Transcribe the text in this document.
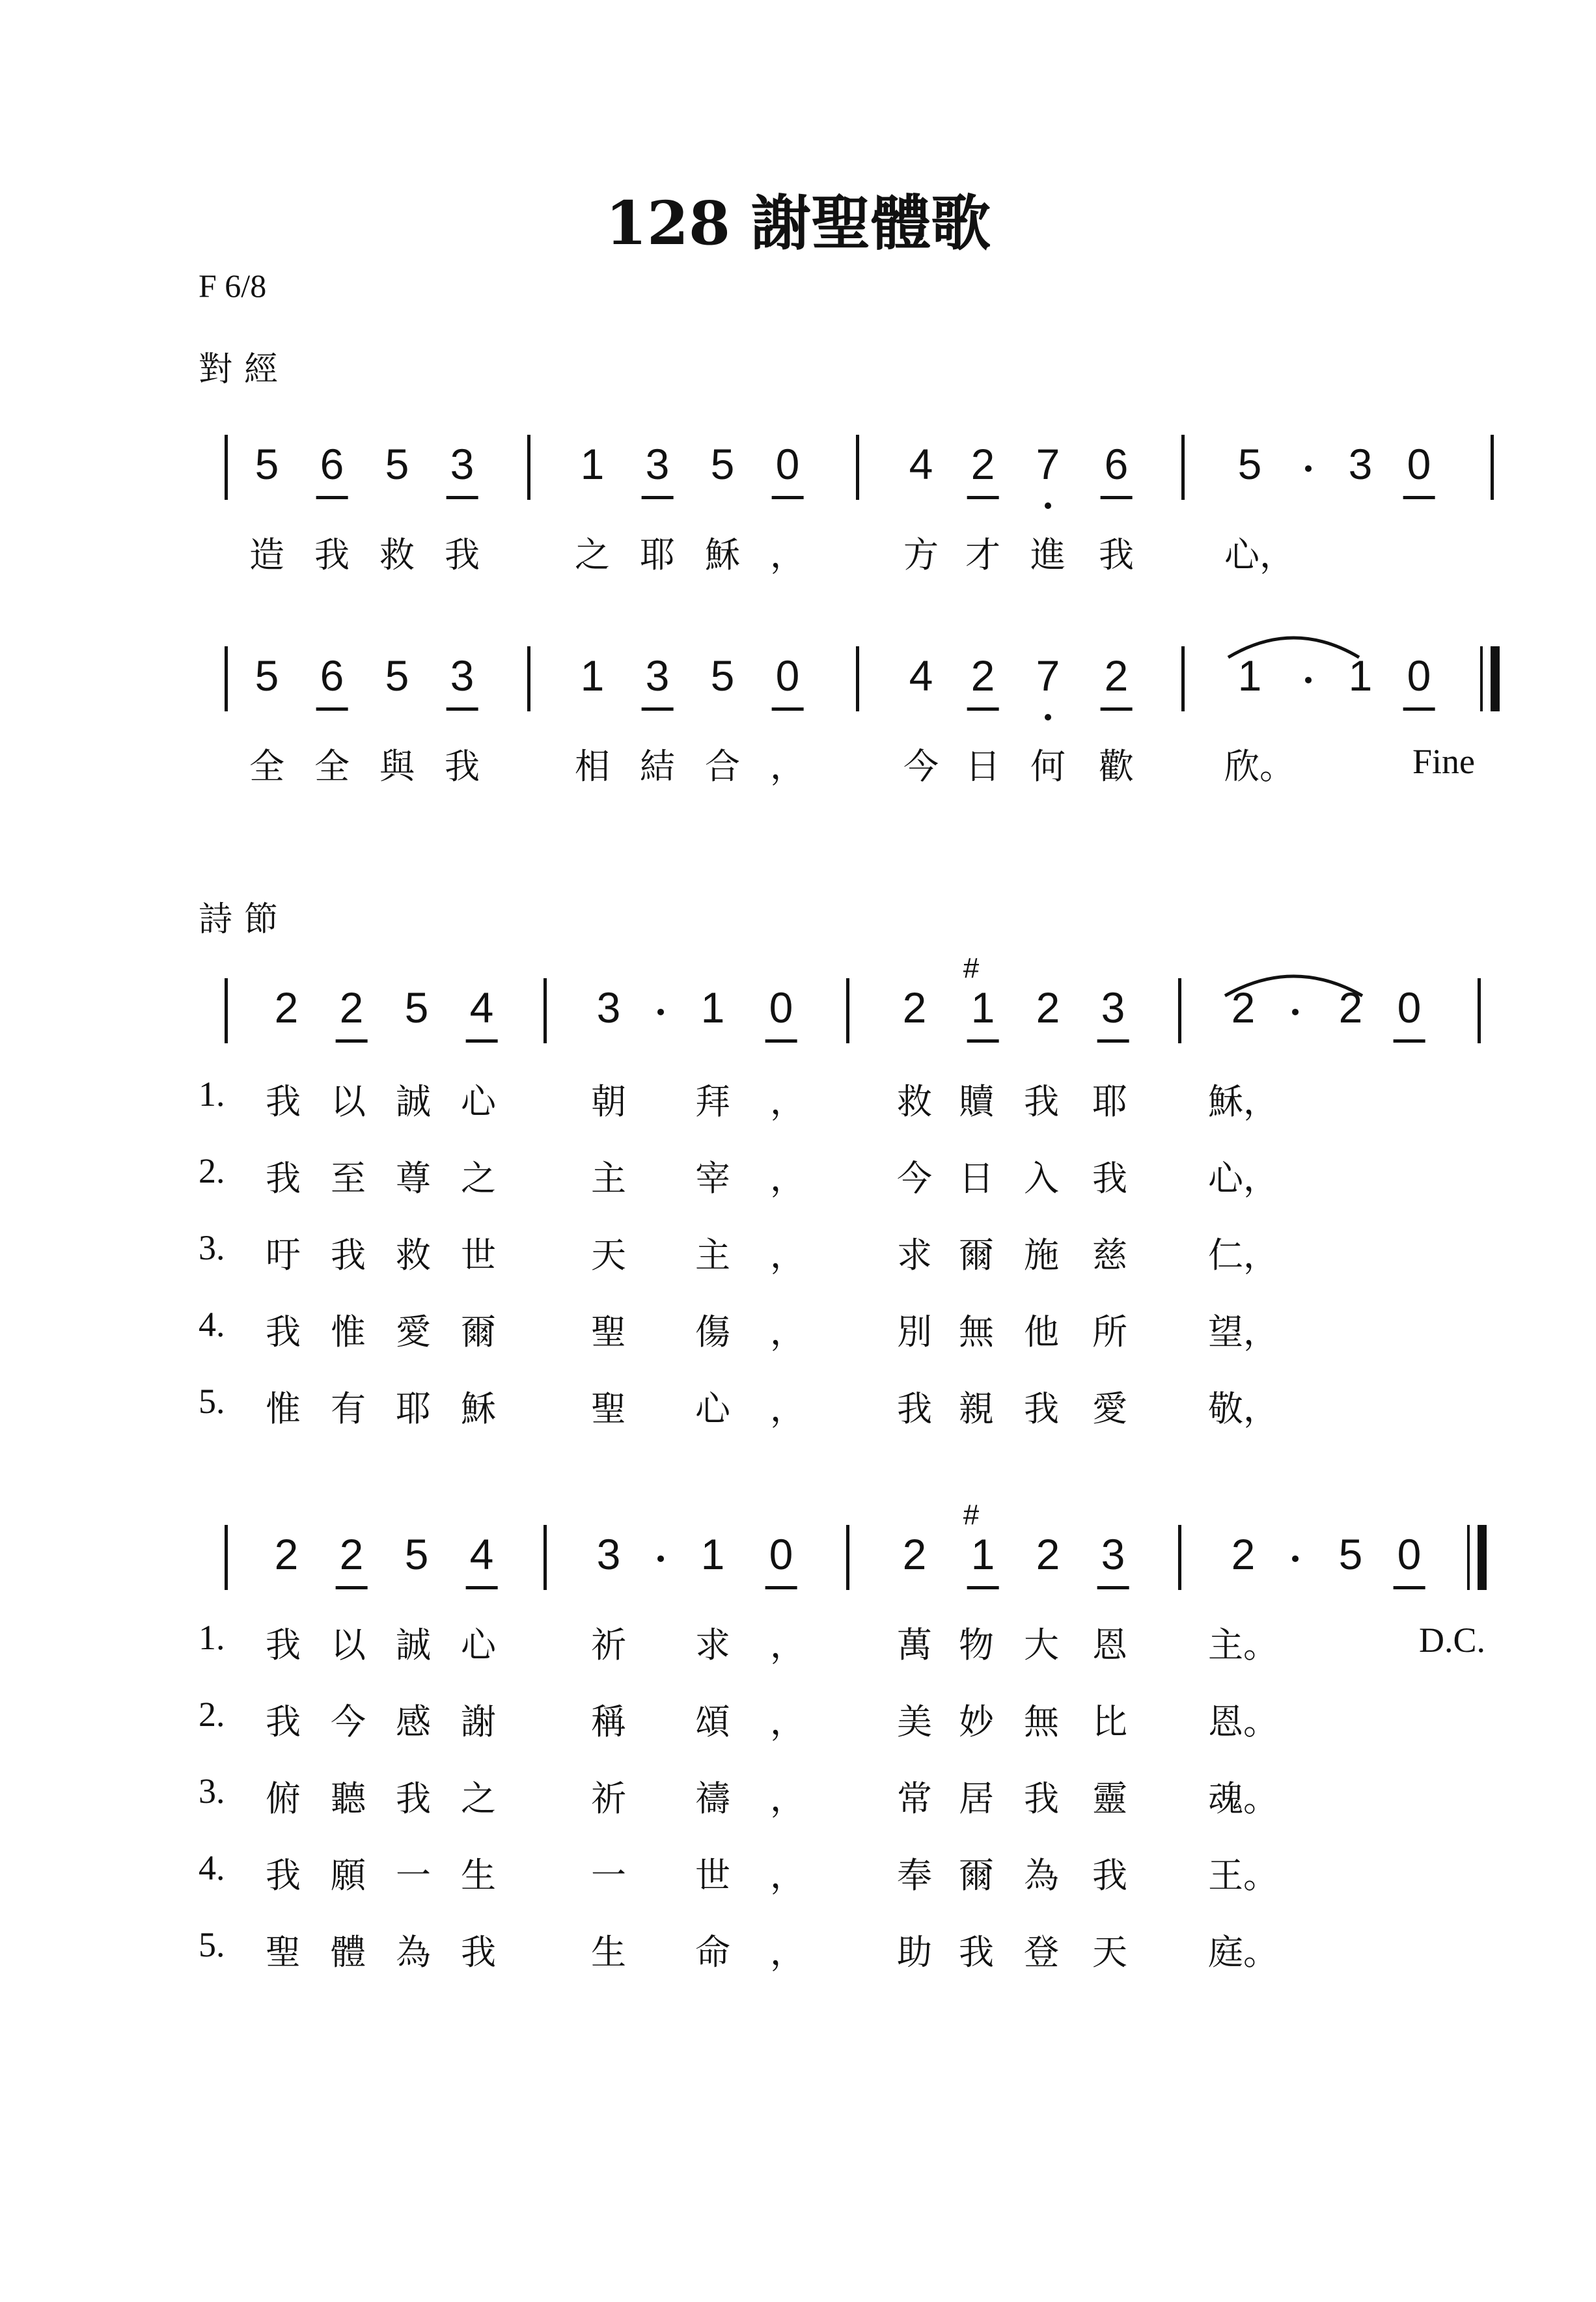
128 謝聖體歌
F 6/8
對經
詩節
5 6 5 3 1 3 5 0	4 2 7 6	5 · 3 0
造 我 救 我	之 耶 穌 ，	方 才 進 我	心，
5 6 5 3 1 3 5 0	4 2 7 2	1 · 1 0
全 全 與 我	相 結 合 ，	今 日 何 歡	欣。	Fine
2 2 5 4 3 · 1 0	2 1
#
2 3 2 · 2 0
1. 我 以 誠 心	朝 拜 ，	救 贖 我 耶 穌，
2. 我 至 尊 之	主 宰 ，	今 日 入 我 心，
3. 吁 我 救 世	天 主 ，	求 爾 施 慈 仁，
4. 我 惟 愛 爾	聖 傷 ，	別 無 他 所 望，
5. 惟 有 耶 穌	聖 心 ，	我 親 我 愛 敬，
2 2 5 4 3 · 1 0	2 1
#
2 3 2 · 5 0
1. 我 以 誠 心	祈 求 ，	萬 物 大 恩 主。
2. 我 今 感 謝	稱 頌 ，	美 妙 無 比 恩。
3. 俯 聽 我 之	祈 禱 ，	常 居 我 靈 魂。
4. 我 願 一 生	一 世 ，	奉 爾 為 我 王。
5. 聖 體 為 我	生 命 ，	助 我 登 天 庭。
D.C.
